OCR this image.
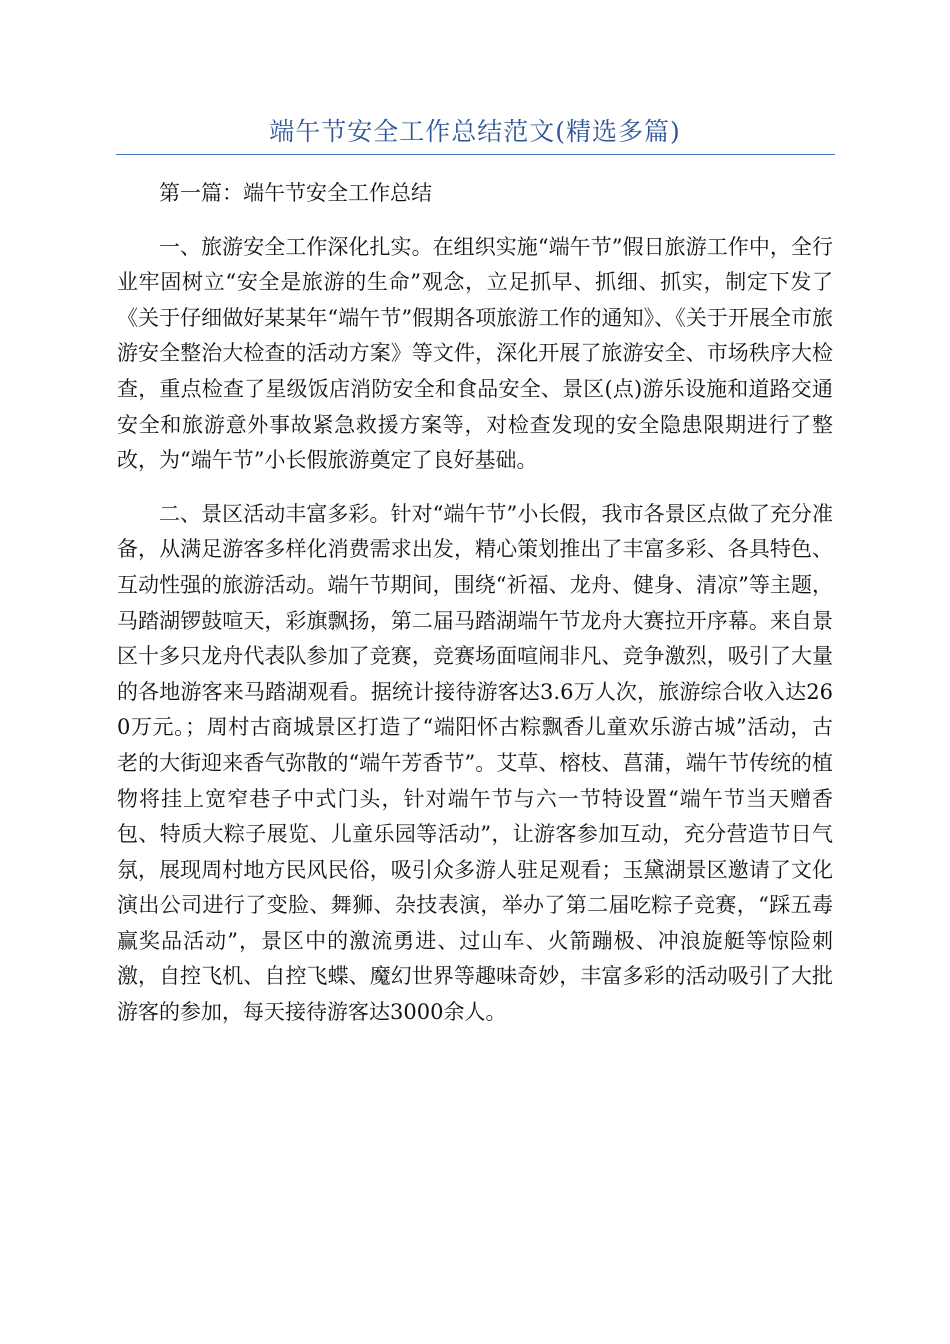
端午节安全工作总结范文(精选多篇)

第一篇：端午节安全工作总结

一、旅游安全工作深化扎实。在组织实施“端午节”假日旅游工作中，全行业牢固树立“安全是旅游的生命”观念，立足抓早、抓细、抓实，制定下发了《关于仔细做好某某年“端午节”假期各项旅游工作的通知》、《关于开展全市旅游安全整治大检查的活动方案》等文件，深化开展了旅游安全、市场秩序大检查，重点检查了星级饭店消防安全和食品安全、景区(点)游乐设施和道路交通安全和旅游意外事故紧急救援方案等，对检查发现的安全隐患限期进行了整改，为“端午节”小长假旅游奠定了良好基础。

二、景区活动丰富多彩。针对“端午节”小长假，我市各景区点做了充分准备，从满足游客多样化消费需求出发，精心策划推出了丰富多彩、各具特色、互动性强的旅游活动。端午节期间，围绕“祈福、龙舟、健身、清凉”等主题，马踏湖锣鼓喧天，彩旗飘扬，第二届马踏湖端午节龙舟大赛拉开序幕。来自景区十多只龙舟代表队参加了竞赛，竞赛场面喧闹非凡、竞争激烈，吸引了大量的各地游客来马踏湖观看。据统计接待游客达3.6万人次，旅游综合收入达260万元。；周村古商城景区打造了“端阳怀古粽飘香儿童欢乐游古城”活动，古老的大街迎来香气弥散的“端午芳香节”。艾草、榕枝、菖蒲，端午节传统的植物将挂上宽窄巷子中式门头，针对端午节与六一节特设置“端午节当天赠香包、特质大粽子展览、儿童乐园等活动”，让游客参加互动，充分营造节日气氛，展现周村地方民风民俗，吸引众多游人驻足观看；玉黛湖景区邀请了文化演出公司进行了变脸、舞狮、杂技表演，举办了第二届吃粽子竞赛，“踩五毒赢奖品活动”，景区中的激流勇进、过山车、火箭蹦极、冲浪旋艇等惊险刺激，自控飞机、自控飞蝶、魔幻世界等趣味奇妙，丰富多彩的活动吸引了大批游客的参加，每天接待游客达3000余人。
